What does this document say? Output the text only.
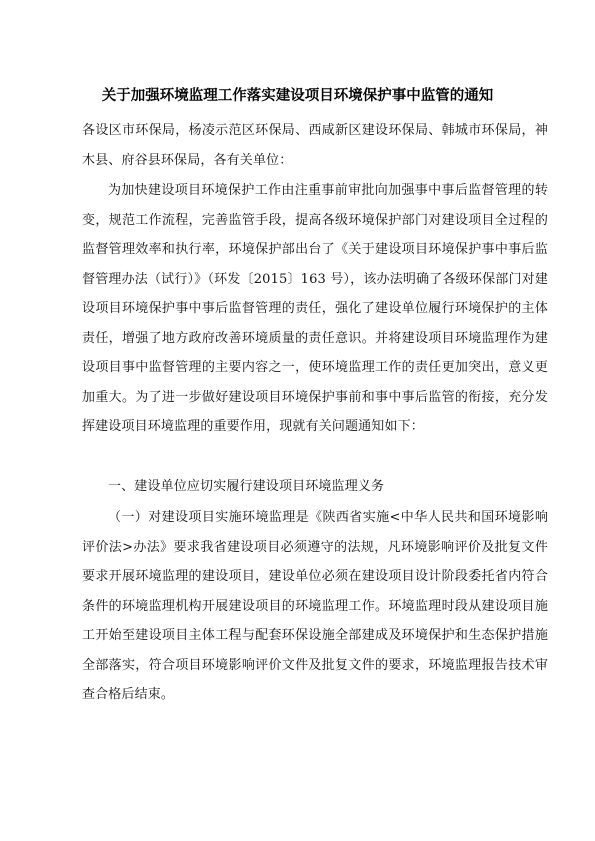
关于加强环境监理工作落实建设项目环境保护事中监管的通知

各设区市环保局，杨凌示范区环保局、西咸新区建设环保局、韩城市环保局，神木县、府谷县环保局，各有关单位：

为加快建设项目环境保护工作由注重事前审批向加强事中事后监督管理的转变，规范工作流程，完善监管手段，提高各级环境保护部门对建设项目全过程的监督管理效率和执行率，环境保护部出台了《关于建设项目环境保护事中事后监督管理办法（试行）》（环发〔2015〕163 号），该办法明确了各级环保部门对建设项目环境保护事中事后监督管理的责任，强化了建设单位履行环境保护的主体责任，增强了地方政府改善环境质量的责任意识。并将建设项目环境监理作为建设项目事中监督管理的主要内容之一，使环境监理工作的责任更加突出，意义更加重大。为了进一步做好建设项目环境保护事前和事中事后监管的衔接，充分发挥建设项目环境监理的重要作用，现就有关问题通知如下：

一、建设单位应切实履行建设项目环境监理义务

（一）对建设项目实施环境监理是《陕西省实施<中华人民共和国环境影响评价法>办法》要求我省建设项目必须遵守的法规，凡环境影响评价及批复文件要求开展环境监理的建设项目，建设单位必须在建设项目设计阶段委托省内符合条件的环境监理机构开展建设项目的环境监理工作。环境监理时段从建设项目施工开始至建设项目主体工程与配套环保设施全部建成及环境保护和生态保护措施全部落实，符合项目环境影响评价文件及批复文件的要求，环境监理报告技术审查合格后结束。
